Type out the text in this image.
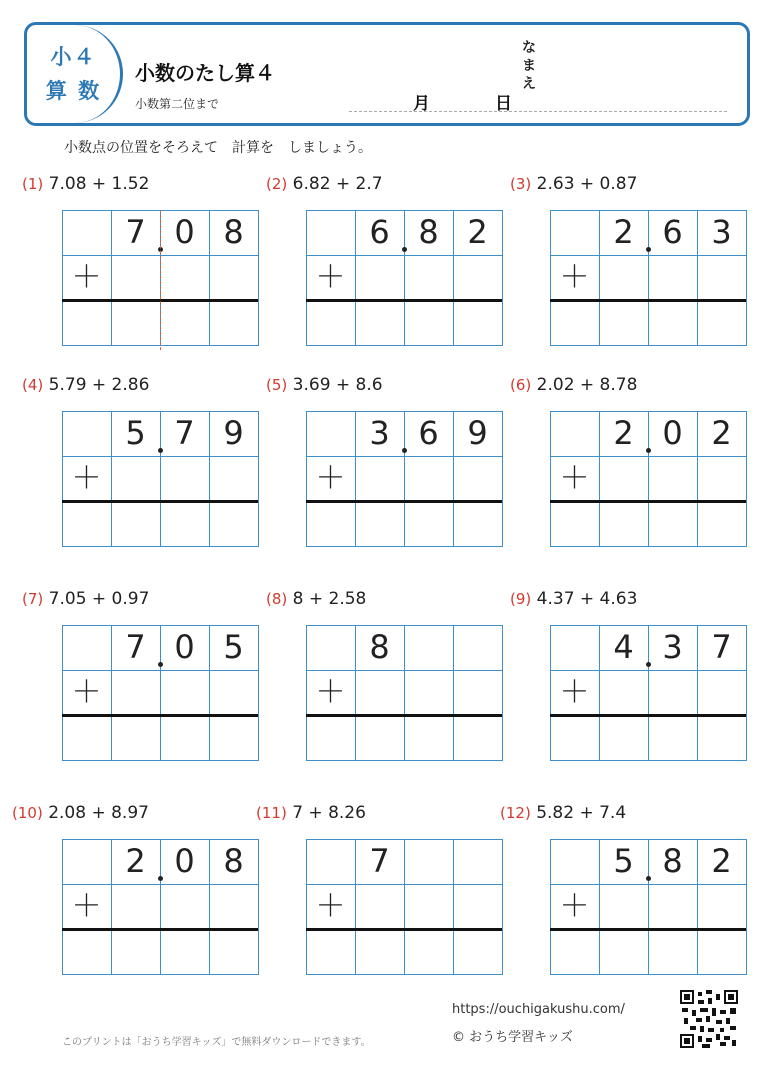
小４
算 数
小数のたし算４
小数第二位まで
な
ま
え
月	日
小数点の位置をそろえて　計算を　しましょう。
(1) 7.08 + 1.52
7 0 8
＋
(2) 6.82 + 2.7
6 8 2
＋
(3) 2.63 + 0.87
2 6 3
＋
(4) 5.79 + 2.86
5 7 9
＋
(5) 3.69 + 8.6
3 6 9
＋
(6) 2.02 + 8.78
2 0 2
＋
(7) 7.05 + 0.97
7 0 5
＋
(8) 8 + 2.58
8
＋
(9) 4.37 + 4.63
4 3 7
＋
(10) 2.08 + 8.97
2 0 8
＋
(11) 7 + 8.26
7
＋
(12) 5.82 + 7.4
5 8 2
＋
このプリントは「おうち学習キッズ」で無料ダウンロードできます。
https://ouchigakushu.com/
© おうち学習キッズ
